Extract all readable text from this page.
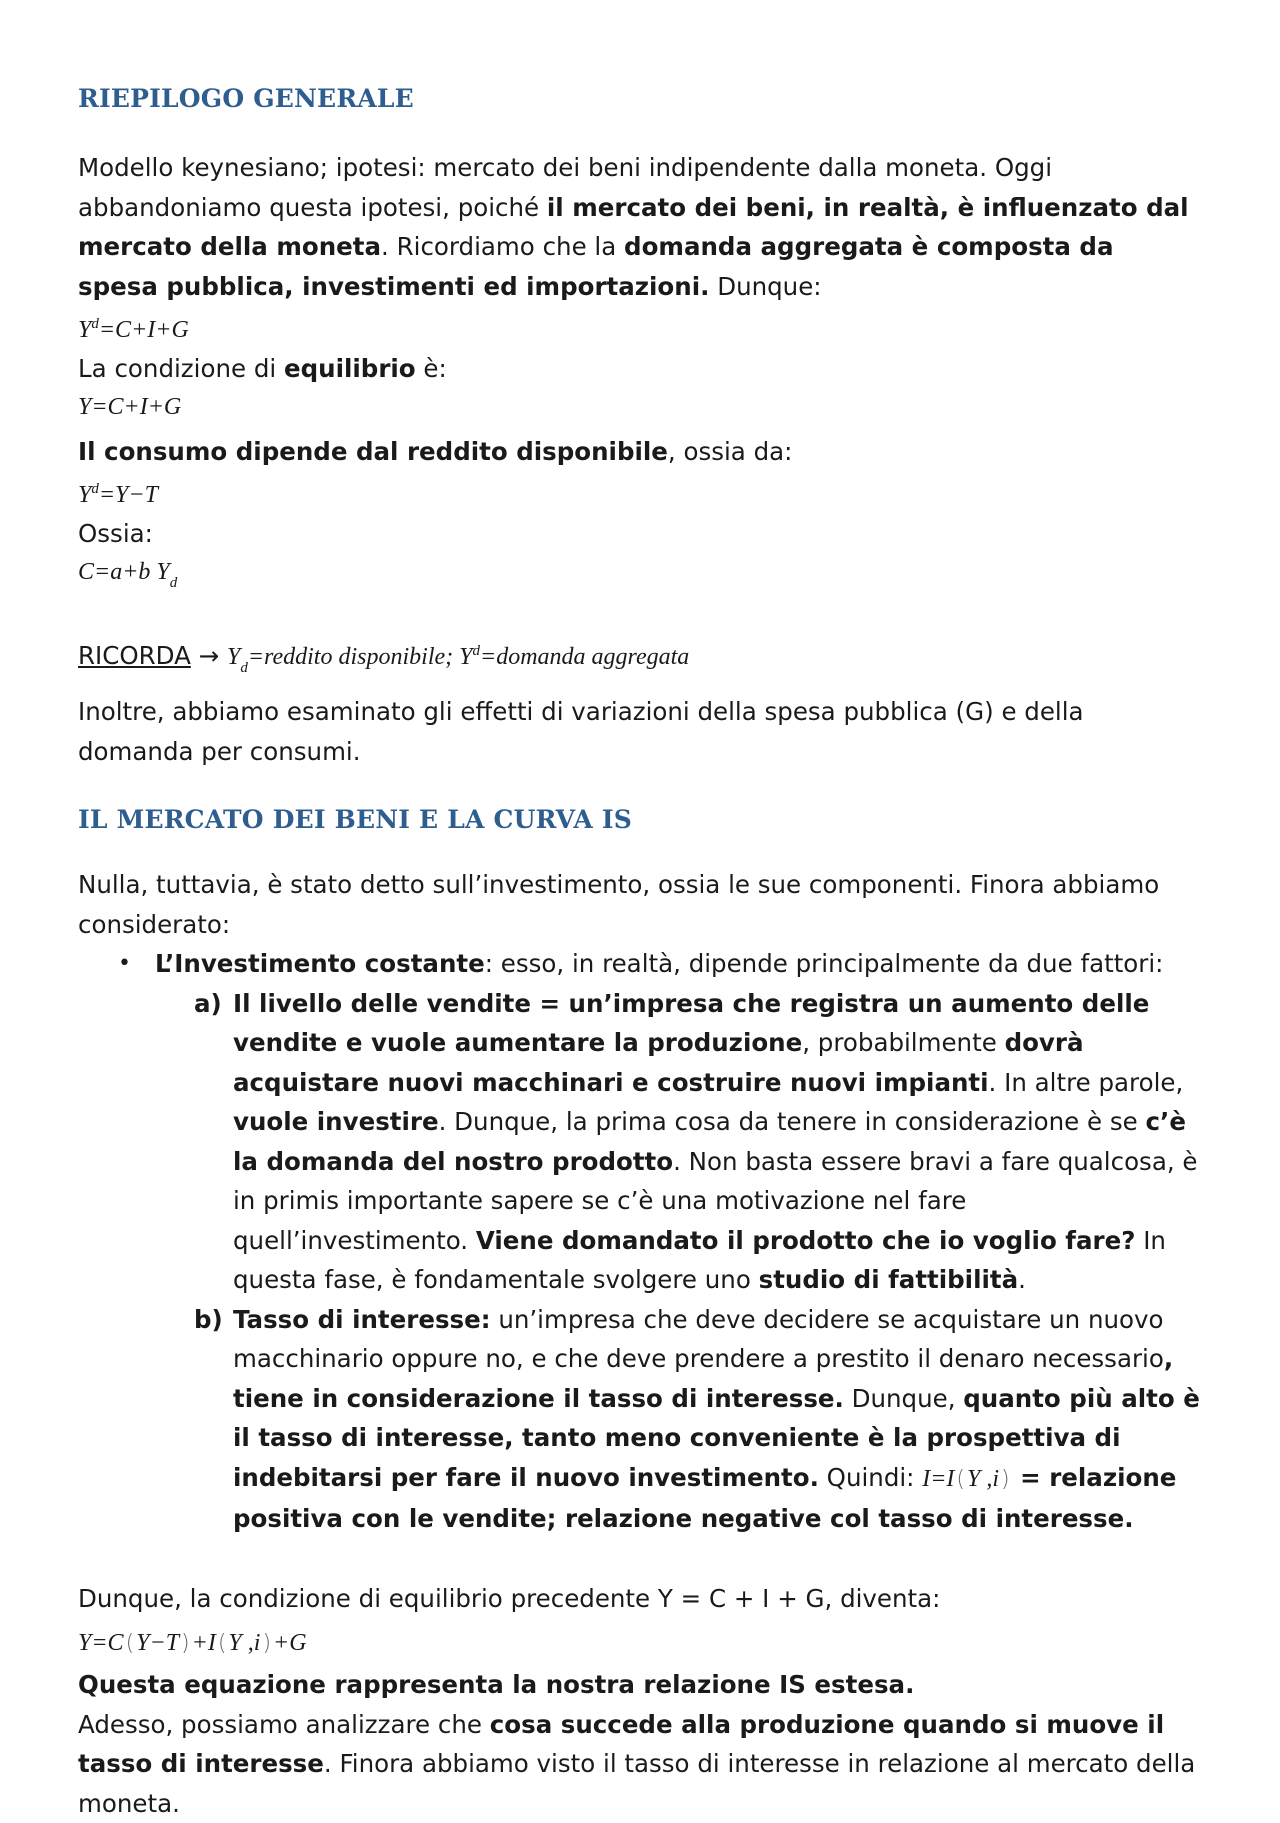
RIEPILOGO GENERALE

Modello keynesiano; ipotesi: mercato dei beni indipendente dalla moneta. Oggi abbandoniamo questa ipotesi, poiché il mercato dei beni, in realtà, è influenzato dal mercato della moneta. Ricordiamo che la domanda aggregata è composta da spesa pubblica, investimenti ed importazioni. Dunque:

$Y^d=C+I+G$

La condizione di equilibrio è:

Y=C+I+G

Il consumo dipende dal reddito disponibile, ossia da:

$Y^d=Y-T$

Ossia:

C=a+b $Y_d$

RICORDA → $Y_d=reddito$ disponibile; $Y^d=domanda$ aggregata

Inoltre, abbiamo esaminato gli effetti di variazioni della spesa pubblica (G) e della domanda per consumi.

IL MERCATO DEI BENI E LA CURVA IS

Nulla, tuttavia, è stato detto sull’investimento, ossia le sue componenti. Finora abbiamo considerato:

• L’Investimento costante: esso, in realtà, dipende principalmente da due fattori:
a) Il livello delle vendite = un’impresa che registra un aumento delle vendite e vuole aumentare la produzione, probabilmente dovrà acquistare nuovi macchinari e costruire nuovi impianti. In altre parole, vuole investire. Dunque, la prima cosa da tenere in considerazione è se c’è la domanda del nostro prodotto. Non basta essere bravi a fare qualcosa, è in primis importante sapere se c’è una motivazione nel fare quell’investimento. Viene domandato il prodotto che io voglio fare? In questa fase, è fondamentale svolgere uno studio di fattibilità.
b) Tasso di interesse: un’impresa che deve decidere se acquistare un nuovo macchinario oppure no, e che deve prendere a prestito il denaro necessario, tiene in considerazione il tasso di interesse. Dunque, quanto più alto è il tasso di interesse, tanto meno conveniente è la prospettiva di indebitarsi per fare il nuovo investimento. Quindi: I=I(Y ,i) = relazione positiva con le vendite; relazione negative col tasso di interesse.

Dunque, la condizione di equilibrio precedente Y = C + I + G, diventa:

Y=C(Y−T)+I(Y ,i)+G

Questa equazione rappresenta la nostra relazione IS estesa.

Adesso, possiamo analizzare che cosa succede alla produzione quando si muove il tasso di interesse. Finora abbiamo visto il tasso di interesse in relazione al mercato della moneta.
